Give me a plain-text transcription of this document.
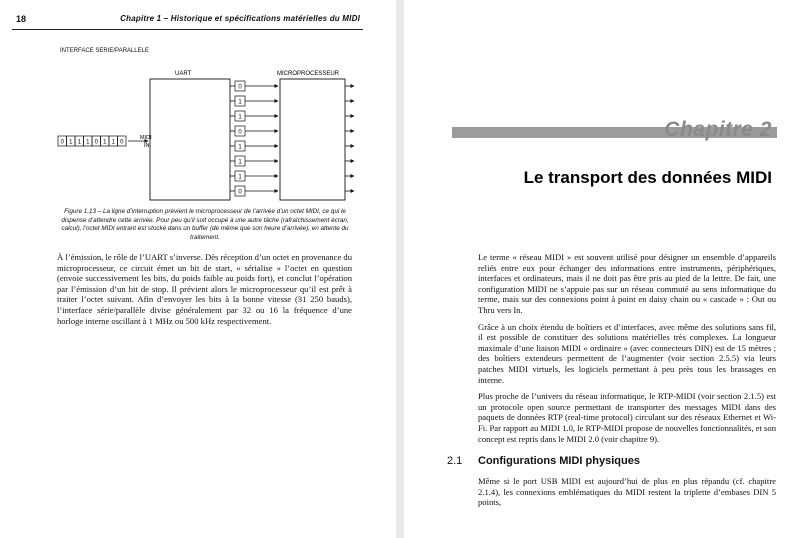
18	Chapitre 1 – Historique et spécifications matérielles du MIDI
INTERFACE SERIE/PARALLELE
UART	MICROPROCESSEUR
0 1 1 1 0 1 1 0
MIDI
IN
0
1
1
0
1
1
1
0
Figure 1.13 – La ligne d’interruption prévient le microprocesseur de l’arrivée d’un octet MIDI, ce qui le dispense d’attendre cette arrivée. Pour peu qu’il soit occupé à une autre tâche (rafraîchissement écran, calcul), l’octet MIDI entrant est stocké dans un buffer (de même que son heure d’arrivée), en attente du traitement.

À l’émission, le rôle de l’UART s’inverse. Dès réception d’un octet en provenance du microprocesseur, ce circuit émet un bit de start, « sérialise » l’octet en question (envoie successivement les bits, du poids faible au poids fort), et conclut l’opération par l’émission d’un bit de stop. Il prévient alors le microprocesseur qu’il est prêt à traiter l’octet suivant. Afin d’envoyer les bits à la bonne vitesse (31 250 bauds), l’interface série/parallèle divise généralement par 32 ou 16 la fréquence d’une horloge interne oscillant à 1 MHz ou 500 kHz respectivement.

Chapitre 2
Le transport des données MIDI

Le terme « réseau MIDI » est souvent utilisé pour désigner un ensemble d’appareils reliés entre eux pour échanger des informations entre instruments, périphériques, interfaces et ordinateurs, mais il ne doit pas être pris au pied de la lettre. De fait, une configuration MIDI ne s’appuie pas sur un réseau commuté au sens informatique du terme, mais sur des connexions point à point en daisy chain ou « cascade » : Out ou Thru vers In.

Grâce à un choix étendu de boîtiers et d’interfaces, avec même des solutions sans fil, il est possible de constituer des solutions matérielles très complexes. La longueur maximale d’une liaison MIDI « ordinaire » (avec connecteurs DIN) est de 15 mètres ; des boîtiers extendeurs permettent de l’augmenter (voir section 2.5.5) via leurs patches MIDI virtuels, les logiciels permettant à peu près tous les brassages en interne.

Plus proche de l’univers du réseau informatique, le RTP-MIDI (voir section 2.1.5) est un protocole open source permettant de transporter des messages MIDI dans des paquets de données RTP (real-time protocol) circulant sur des réseaux Ethernet et Wi-Fi. Par rapport au MIDI 1.0, le RTP-MIDI propose de nouvelles fonctionnalités, et son concept est repris dans le MIDI 2.0 (voir chapitre 9).

2.1 Configurations MIDI physiques

Même si le port USB MIDI est aujourd’hui de plus en plus répandu (cf. chapitre 2.1.4), les connexions emblématiques du MIDI restent la triplette d’embases DIN 5 points,
